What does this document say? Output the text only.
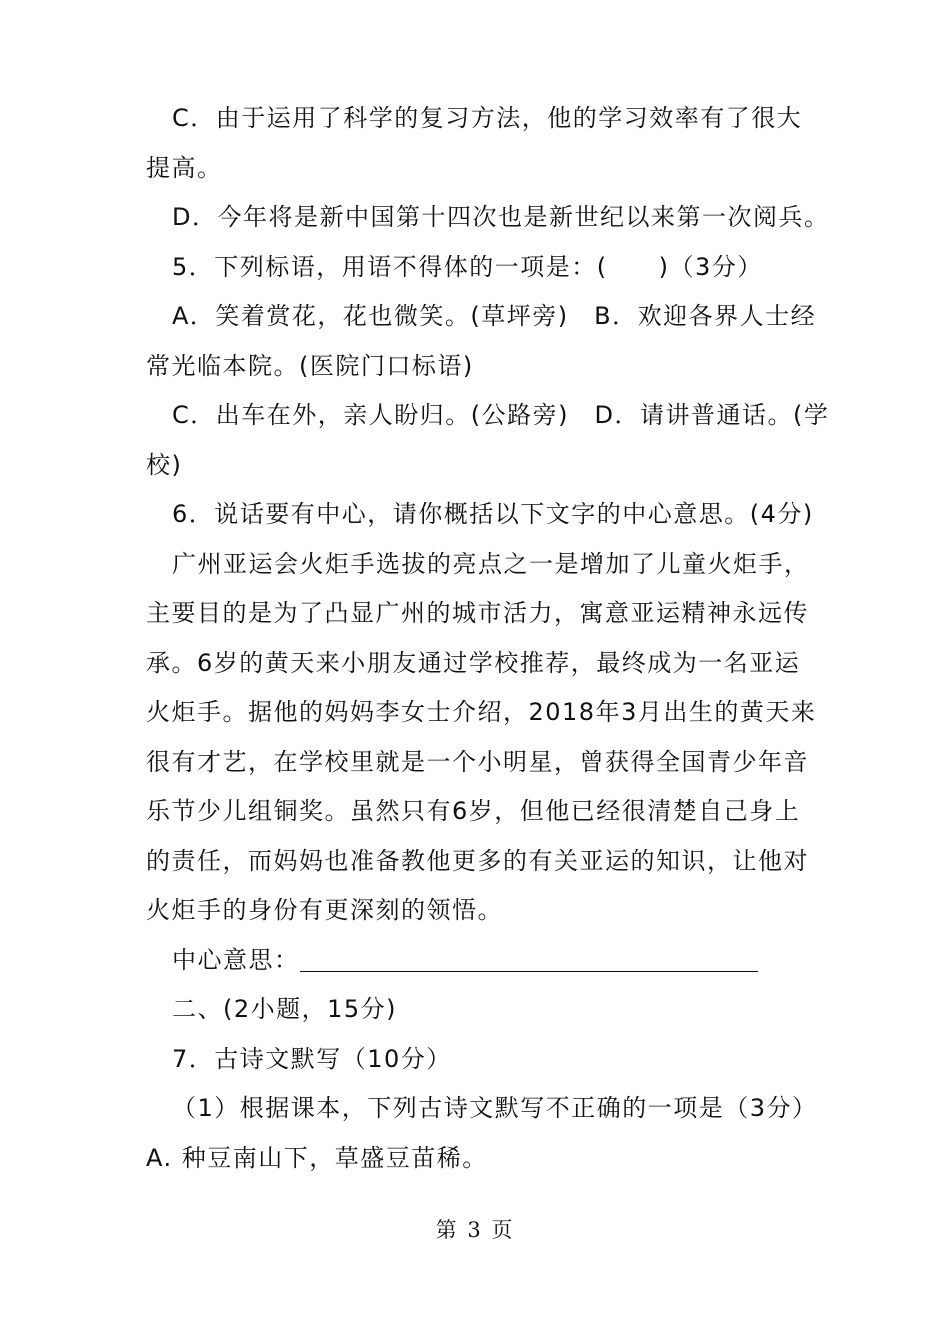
C．由于运用了科学的复习方法，他的学习效率有了很大
提高。
D．今年将是新中国第十四次也是新世纪以来第一次阅兵。
5．下列标语，用语不得体的一项是：(　　)（3分）
A．笑着赏花，花也微笑。(草坪旁)　B．欢迎各界人士经
常光临本院。(医院门口标语)
C．出车在外，亲人盼归。(公路旁)　D．请讲普通话。(学
校)
6．说话要有中心，请你概括以下文字的中心意思。(4分)
广州亚运会火炬手选拔的亮点之一是增加了儿童火炬手，
主要目的是为了凸显广州的城市活力，寓意亚运精神永远传
承。6岁的黄天来小朋友通过学校推荐，最终成为一名亚运
火炬手。据他的妈妈李女士介绍，2018年3月出生的黄天来
很有才艺，在学校里就是一个小明星，曾获得全国青少年音
乐节少儿组铜奖。虽然只有6岁，但他已经很清楚自己身上
的责任，而妈妈也准备教他更多的有关亚运的知识，让他对
火炬手的身份有更深刻的领悟。
中心意思：
二、(2小题，15分)
7．古诗文默写（10分）
（1）根据课本，下列古诗文默写不正确的一项是（3分）
A. 种豆南山下，草盛豆苗稀。
第 3 页
